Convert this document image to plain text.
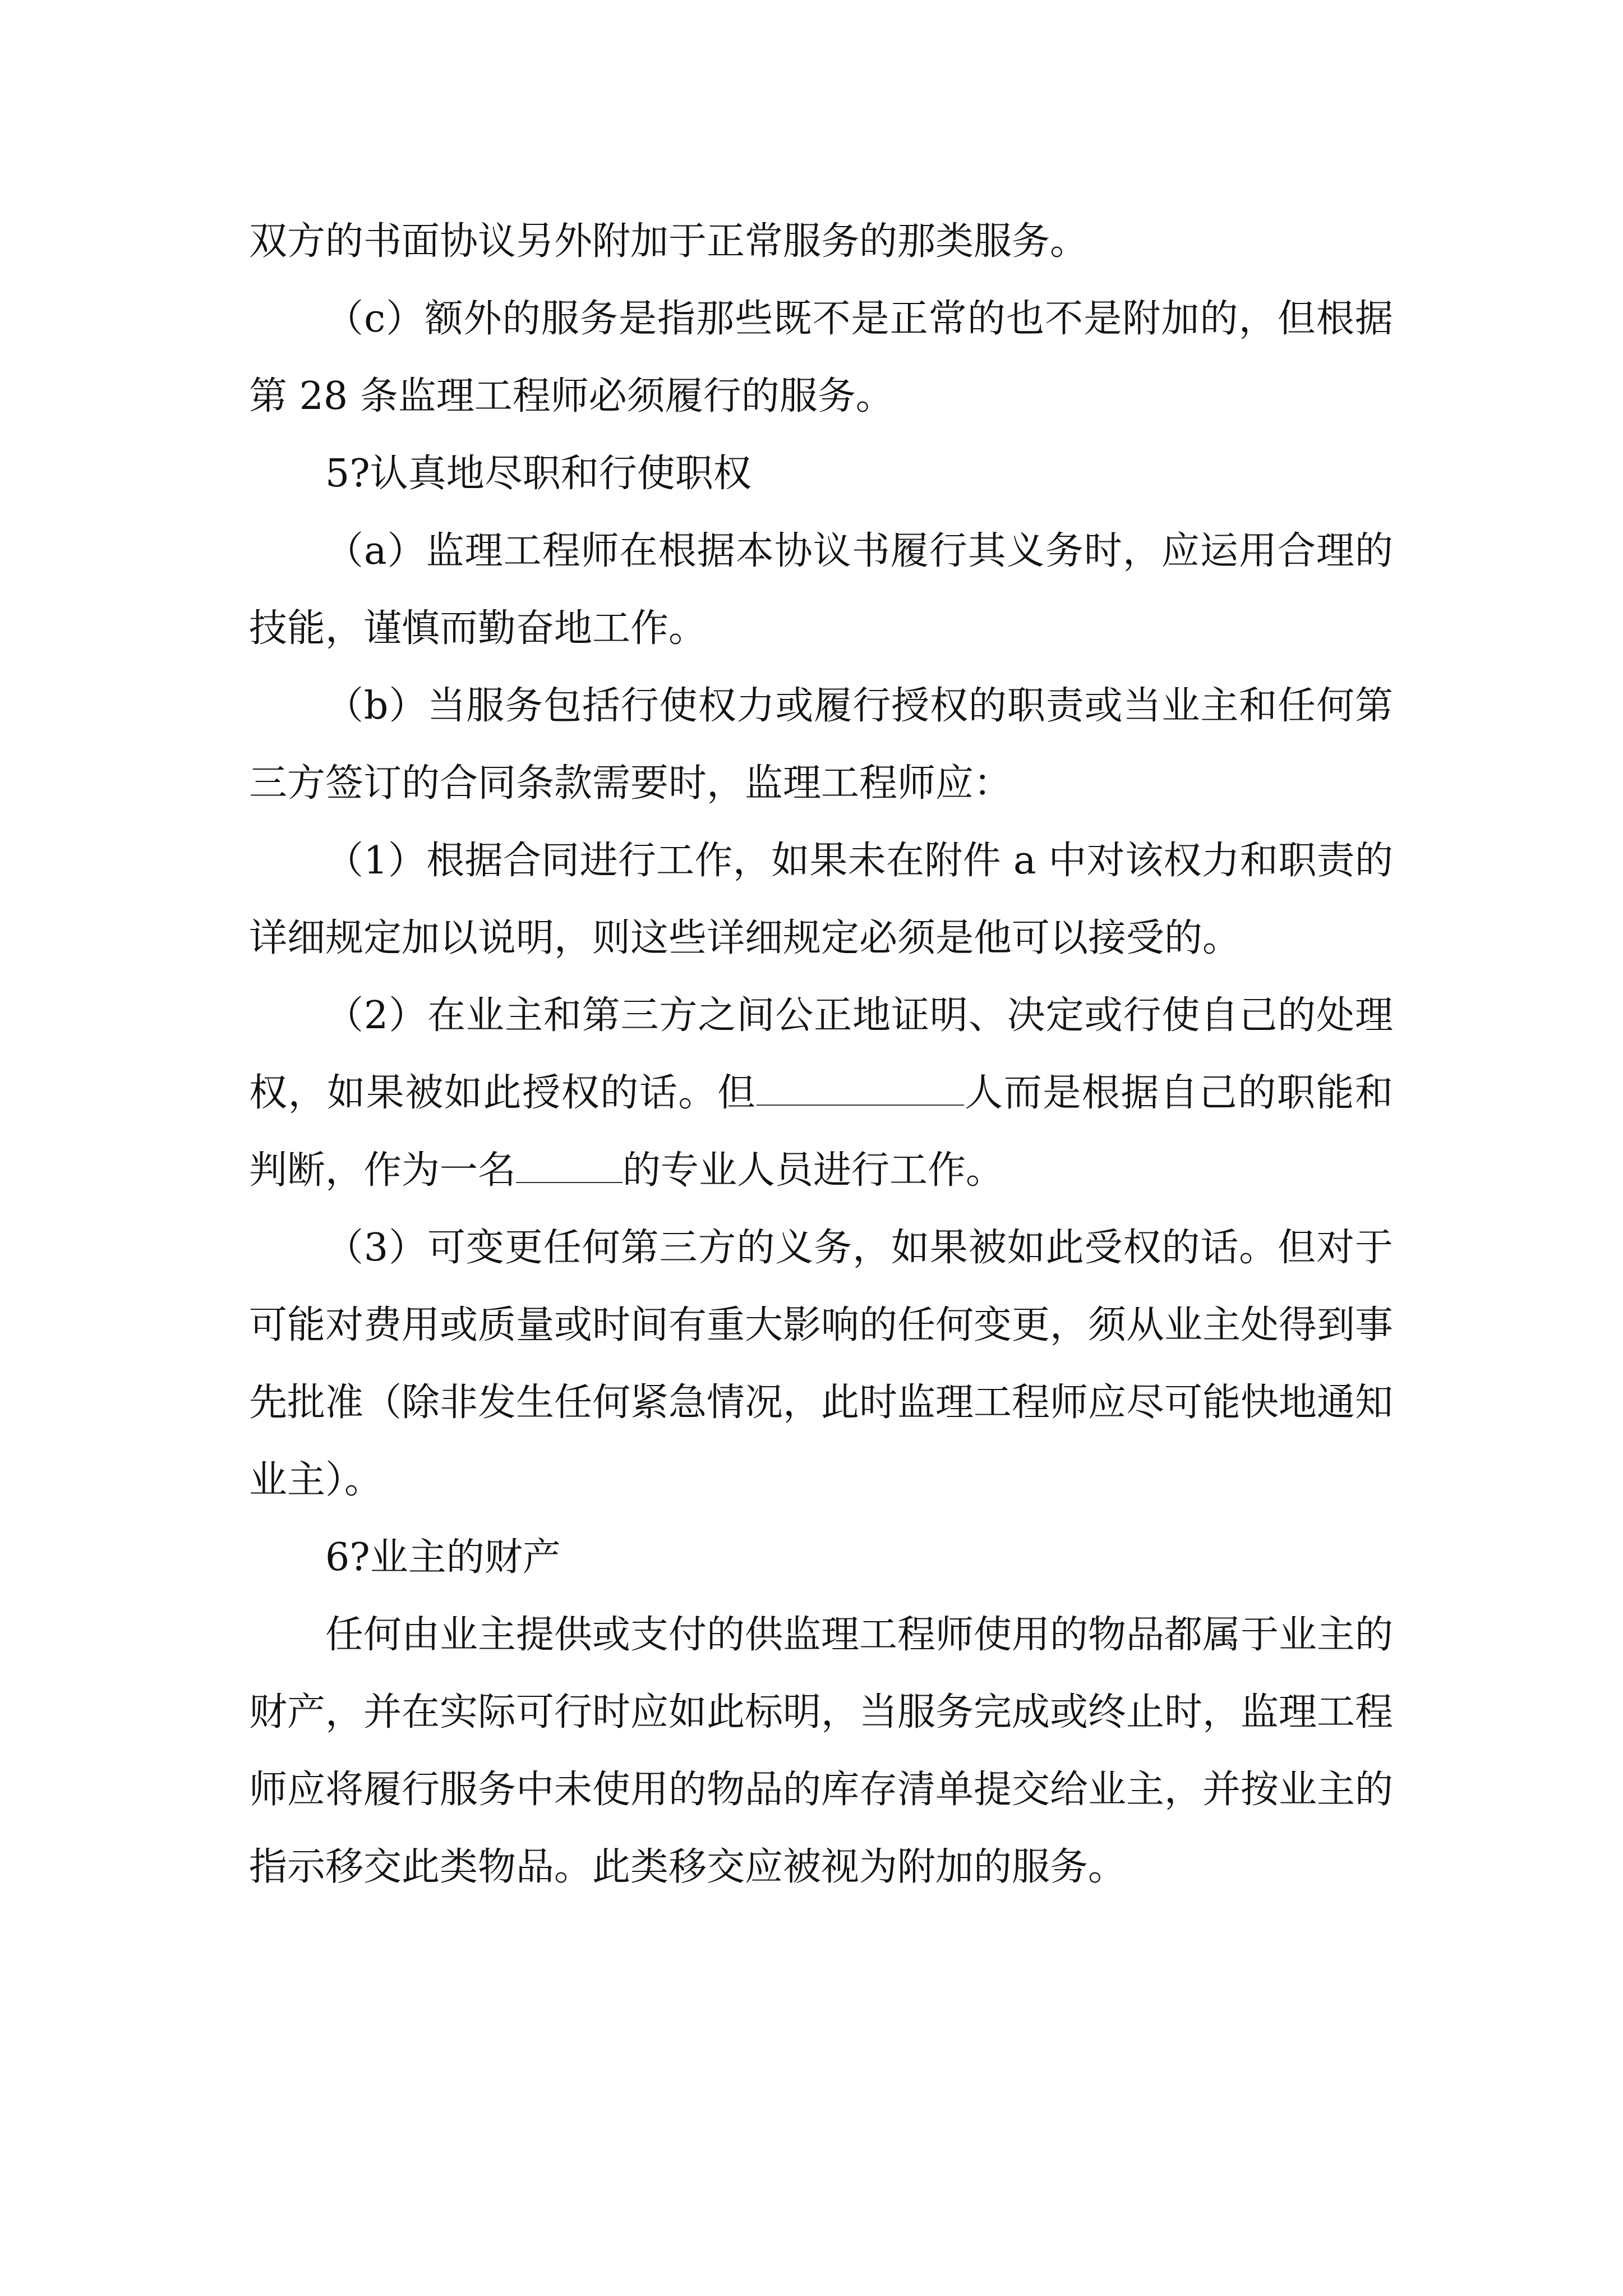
双方的书面协议另外附加于正常服务的那类服务。

（c）额外的服务是指那些既不是正常的也不是附加的，但根据第 28 条监理工程师必须履行的服务。

5?认真地尽职和行使职权

（a）监理工程师在根据本协议书履行其义务时，应运用合理的技能，谨慎而勤奋地工作。

（b）当服务包括行使权力或履行授权的职责或当业主和任何第三方签订的合同条款需要时，监理工程师应：

（1）根据合同进行工作，如果未在附件 a 中对该权力和职责的详细规定加以说明，则这些详细规定必须是他可以接受的。

（2）在业主和第三方之间公正地证明、决定或行使自己的处理权，如果被如此授权的话。但	人而是根据自己的职能和判断，作为一名	的专业人员进行工作。

（3）可变更任何第三方的义务，如果被如此受权的话。但对于可能对费用或质量或时间有重大影响的任何变更，须从业主处得到事先批准（除非发生任何紧急情况，此时监理工程师应尽可能快地通知业主）。

6?业主的财产

任何由业主提供或支付的供监理工程师使用的物品都属于业主的财产，并在实际可行时应如此标明，当服务完成或终止时，监理工程师应将履行服务中未使用的物品的库存清单提交给业主，并按业主的指示移交此类物品。此类移交应被视为附加的服务。
